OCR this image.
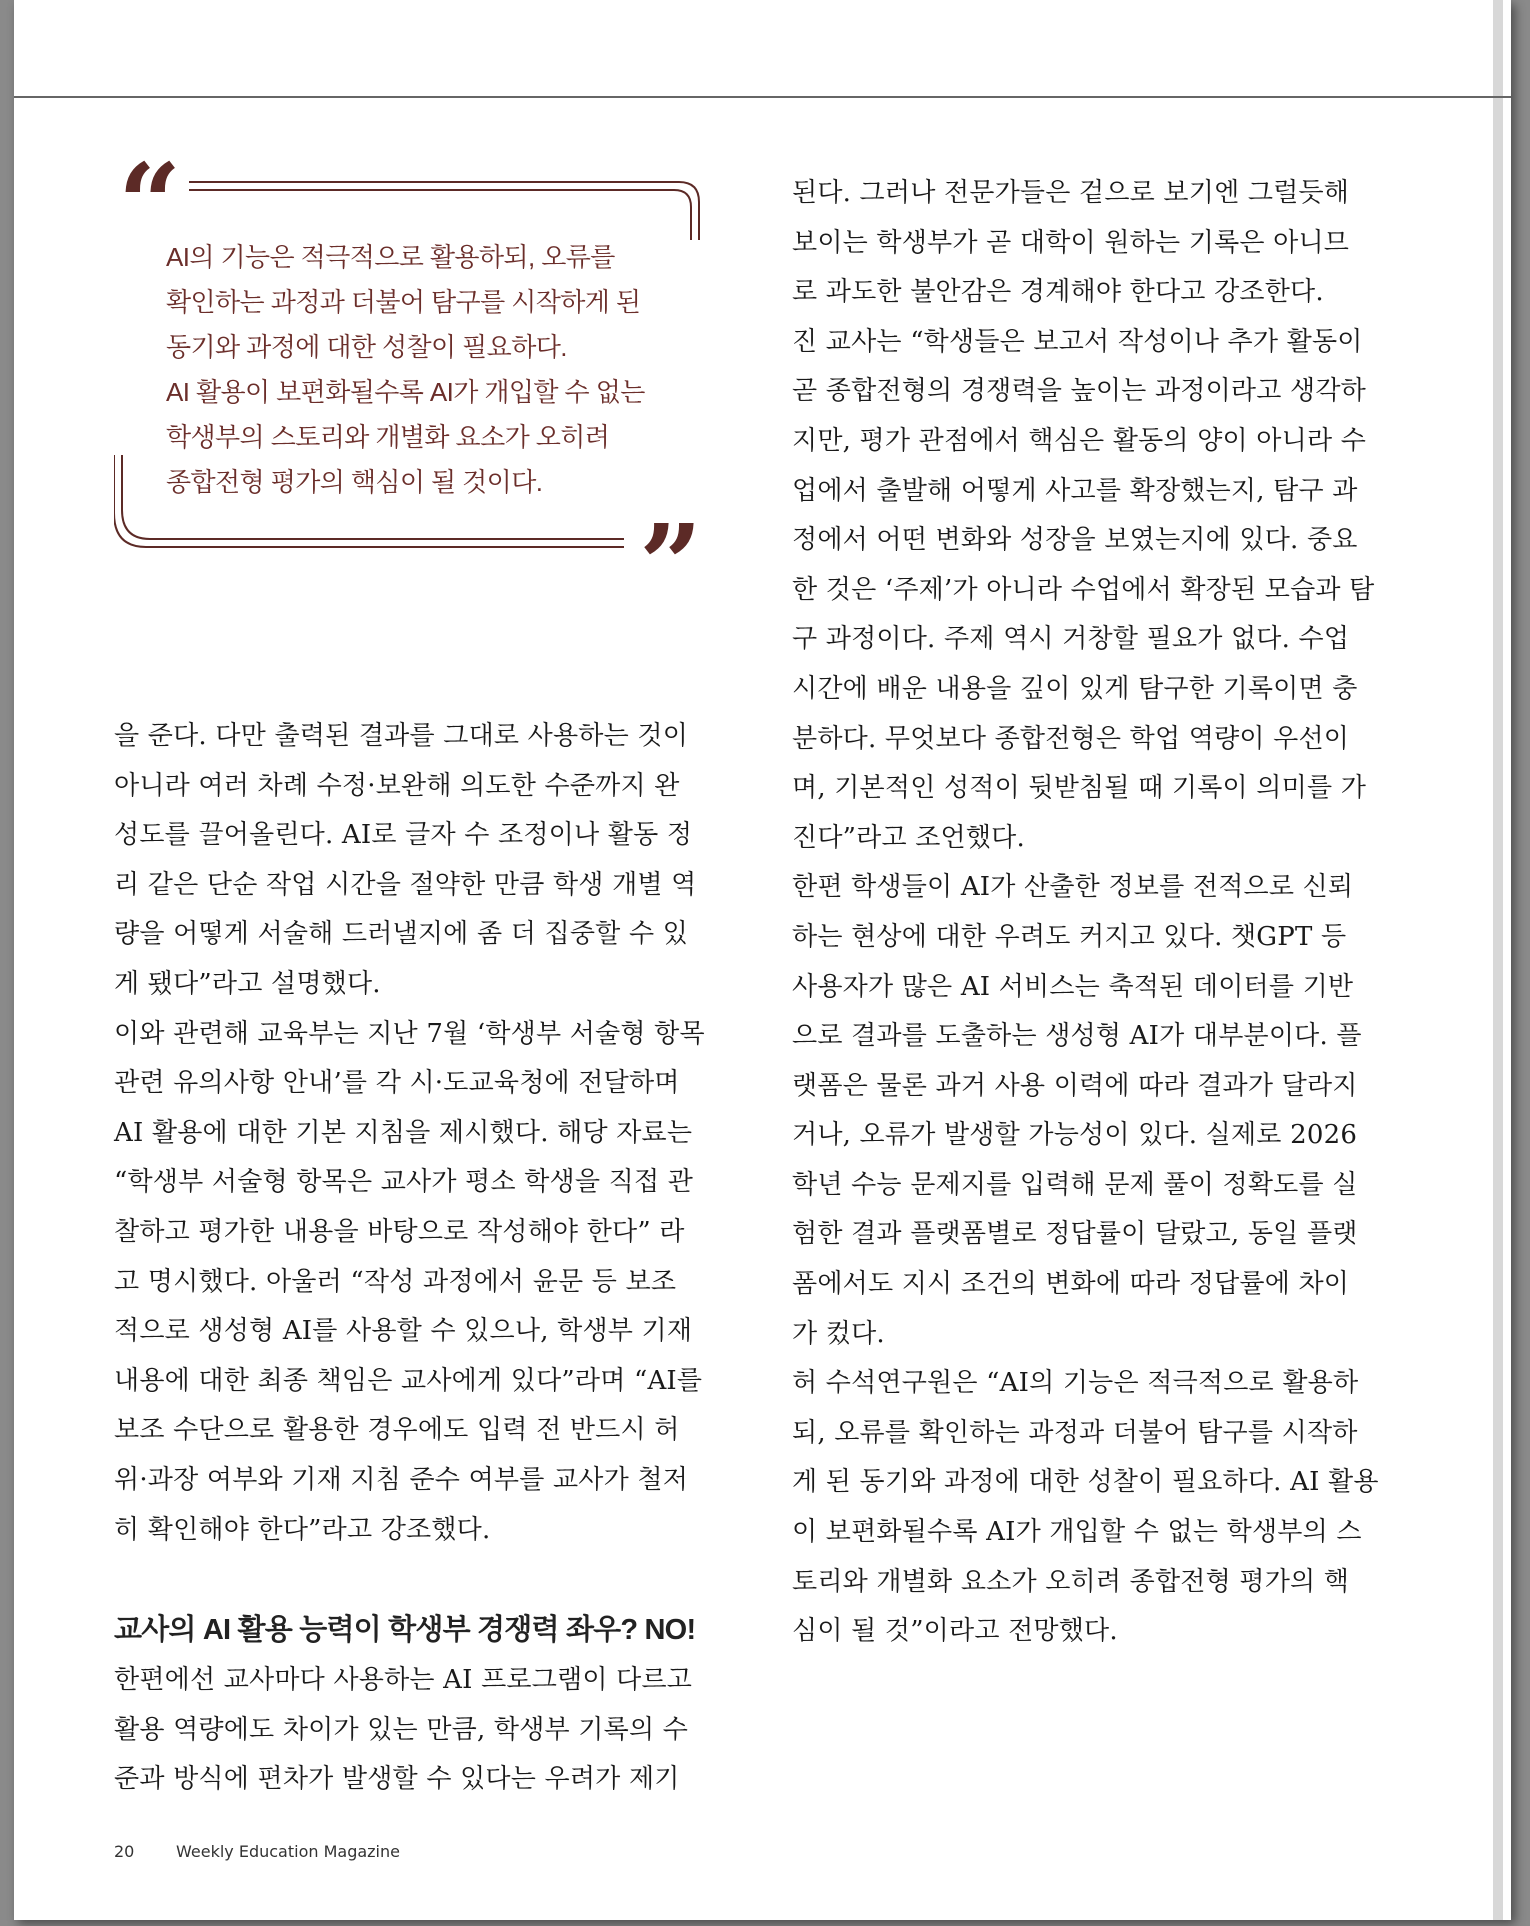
“
”
AI의 기능은 적극적으로 활용하되, 오류를
확인하는 과정과 더불어 탐구를 시작하게 된
동기와 과정에 대한 성찰이 필요하다.
AI 활용이 보편화될수록 AI가 개입할 수 없는
학생부의 스토리와 개별화 요소가 오히려
종합전형 평가의 핵심이 될 것이다.
을 준다. 다만 출력된 결과를 그대로 사용하는 것이
아니라 여러 차례 수정·보완해 의도한 수준까지 완
성도를 끌어올린다. AI로 글자 수 조정이나 활동 정
리 같은 단순 작업 시간을 절약한 만큼 학생 개별 역
량을 어떻게 서술해 드러낼지에 좀 더 집중할 수 있
게 됐다”라고 설명했다.
이와 관련해 교육부는 지난 7월 ‘학생부 서술형 항목
관련 유의사항 안내’를 각 시·도교육청에 전달하며
AI 활용에 대한 기본 지침을 제시했다. 해당 자료는
“학생부 서술형 항목은 교사가 평소 학생을 직접 관
찰하고 평가한 내용을 바탕으로 작성해야 한다” 라
고 명시했다. 아울러 “작성 과정에서 윤문 등 보조
적으로 생성형 AI를 사용할 수 있으나, 학생부 기재
내용에 대한 최종 책임은 교사에게 있다”라며 “AI를
보조 수단으로 활용한 경우에도 입력 전 반드시 허
위·과장 여부와 기재 지침 준수 여부를 교사가 철저
히 확인해야 한다”라고 강조했다.
교사의 AI 활용 능력이 학생부 경쟁력 좌우? NO!
한편에선 교사마다 사용하는 AI 프로그램이 다르고
활용 역량에도 차이가 있는 만큼, 학생부 기록의 수
준과 방식에 편차가 발생할 수 있다는 우려가 제기
된다. 그러나 전문가들은 겉으로 보기엔 그럴듯해
보이는 학생부가 곧 대학이 원하는 기록은 아니므
로 과도한 불안감은 경계해야 한다고 강조한다.
진 교사는 “학생들은 보고서 작성이나 추가 활동이
곧 종합전형의 경쟁력을 높이는 과정이라고 생각하
지만, 평가 관점에서 핵심은 활동의 양이 아니라 수
업에서 출발해 어떻게 사고를 확장했는지, 탐구 과
정에서 어떤 변화와 성장을 보였는지에 있다. 중요
한 것은 ‘주제’가 아니라 수업에서 확장된 모습과 탐
구 과정이다. 주제 역시 거창할 필요가 없다. 수업
시간에 배운 내용을 깊이 있게 탐구한 기록이면 충
분하다. 무엇보다 종합전형은 학업 역량이 우선이
며, 기본적인 성적이 뒷받침될 때 기록이 의미를 가
진다”라고 조언했다.
한편 학생들이 AI가 산출한 정보를 전적으로 신뢰
하는 현상에 대한 우려도 커지고 있다. 챗GPT 등
사용자가 많은 AI 서비스는 축적된 데이터를 기반
으로 결과를 도출하는 생성형 AI가 대부분이다. 플
랫폼은 물론 과거 사용 이력에 따라 결과가 달라지
거나, 오류가 발생할 가능성이 있다. 실제로 2026
학년 수능 문제지를 입력해 문제 풀이 정확도를 실
험한 결과 플랫폼별로 정답률이 달랐고, 동일 플랫
폼에서도 지시 조건의 변화에 따라 정답률에 차이
가 컸다.
허 수석연구원은 “AI의 기능은 적극적으로 활용하
되, 오류를 확인하는 과정과 더불어 탐구를 시작하
게 된 동기와 과정에 대한 성찰이 필요하다. AI 활용
이 보편화될수록 AI가 개입할 수 없는 학생부의 스
토리와 개별화 요소가 오히려 종합전형 평가의 핵
심이 될 것”이라고 전망했다.
20	Weekly Education Magazine
